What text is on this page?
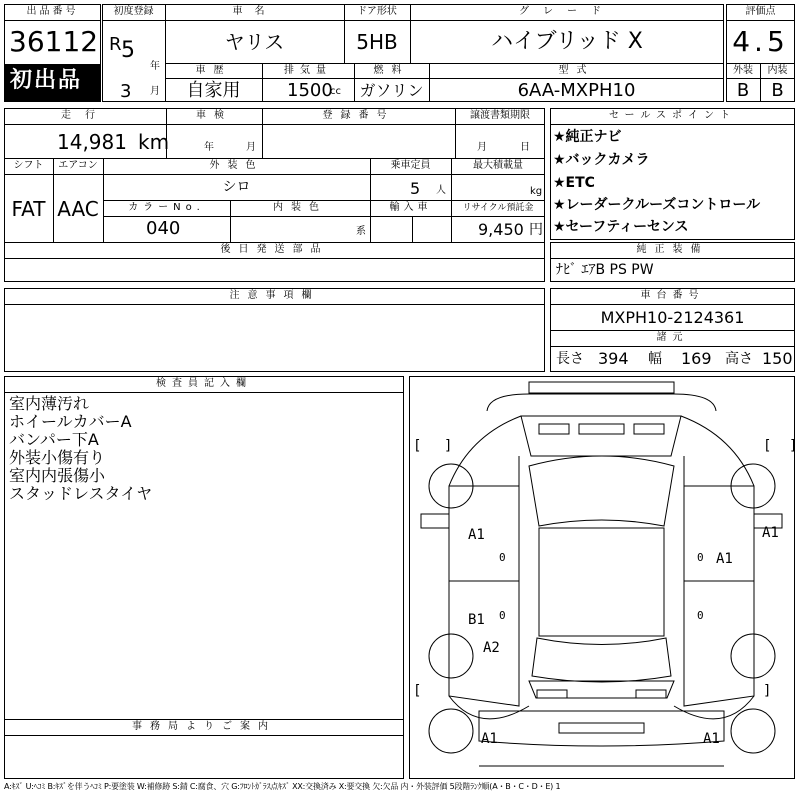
出品番号
36112
初出品
初度登録
R 5
年
3 月
車名
ヤリス
ドア形状
5HB
グレード
ハイブリッド X
車歴
自家用
排気量
1500
cc
燃料
ガソリン
型式
6AA-MXPH10
評価点
4.5
外装	内装
B	B
走行
14,981 km
車検
年	月
登録番号	譲渡書類期限
月	日
シフト
FAT
エアコン
AAC
外装色
シロ
乗車定員
5 人
最大積載量
kg
カラーNo.
040
内装色
系
輸入車	リサイクル預託金
9,450 円
後日発送部品
セールスポイント
★純正ナビ
★バックカメラ
★ETC
★レーダークルーズコントロール
★セーフティーセンス
純正装備
ﾅﾋﾞ ｴｱB PS PW
注意事項欄	車台番号
MXPH10-2124361
諸元
長さ 394 幅 169 高さ 150
検査員記入欄
室内薄汚れ
ホイールカバーA
バンパー下A
外装小傷有り
室内内張傷小
スタッドレスタイヤ
事務局よりご案内
[ ]	[ ]
[	]
A1	A1
A1
B1
A2
A1	A1
0	0
0	0
A:ｷｽﾞ U:ﾍｺﾐ B:ｷｽﾞを伴うﾍｺﾐ P:要塗装 W:補修跡 S:錆 C:腐食、穴 G:ﾌﾛﾝﾄｶﾞﾗｽ点ｷｽﾞ XX:交換済み X:要交換 欠:欠品 内・外装評価 5段階ﾗﾝｸ順(A・B・C・D・E) 1
